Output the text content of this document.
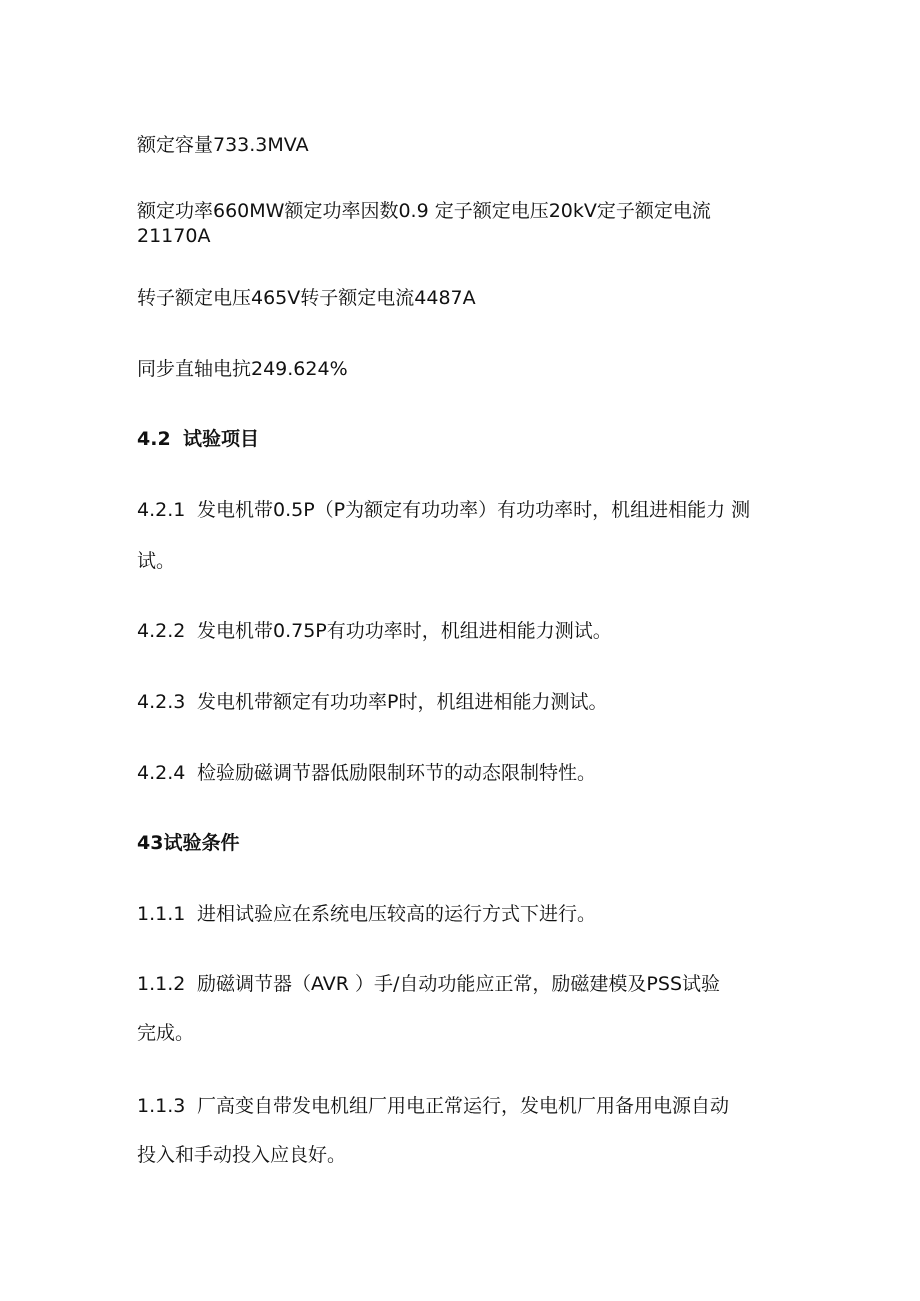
额定容量733.3MVA
额定功率660MW额定功率因数0.9 定子额定电压20kV定子额定电流
21170A
转子额定电压465V转子额定电流4487A
同步直轴电抗249.624%
4.2 试验项目
4.2.1 发电机带0.5P（P为额定有功功率）有功功率时，机组进相能力 测
试。
4.2.2 发电机带0.75P有功功率时，机组进相能力测试。
4.2.3 发电机带额定有功功率P时，机组进相能力测试。
4.2.4 检验励磁调节器低励限制环节的动态限制特性。
43试验条件
1.1.1 进相试验应在系统电压较高的运行方式下进行。
1.1.2 励磁调节器（AVR ）手/自动功能应正常，励磁建模及PSS试验
完成。
1.1.3 厂高变自带发电机组厂用电正常运行，发电机厂用备用电源自动
投入和手动投入应良好。
